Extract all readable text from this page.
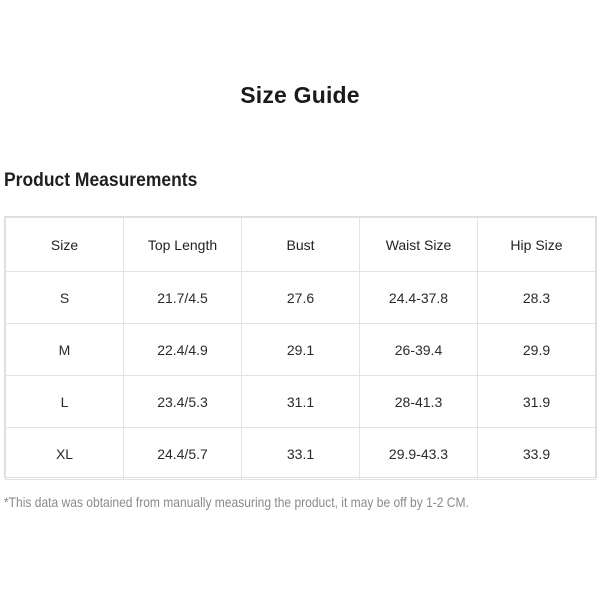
Size Guide
Product Measurements
Size	Top Length	Bust	Waist Size	Hip Size
S	21.7/4.5	27.6	24.4-37.8	28.3
M	22.4/4.9	29.1	26-39.4	29.9
L	23.4/5.3	31.1	28-41.3	31.9
XL	24.4/5.7	33.1	29.9-43.3	33.9
*This data was obtained from manually measuring the product, it may be off by 1-2 CM.
